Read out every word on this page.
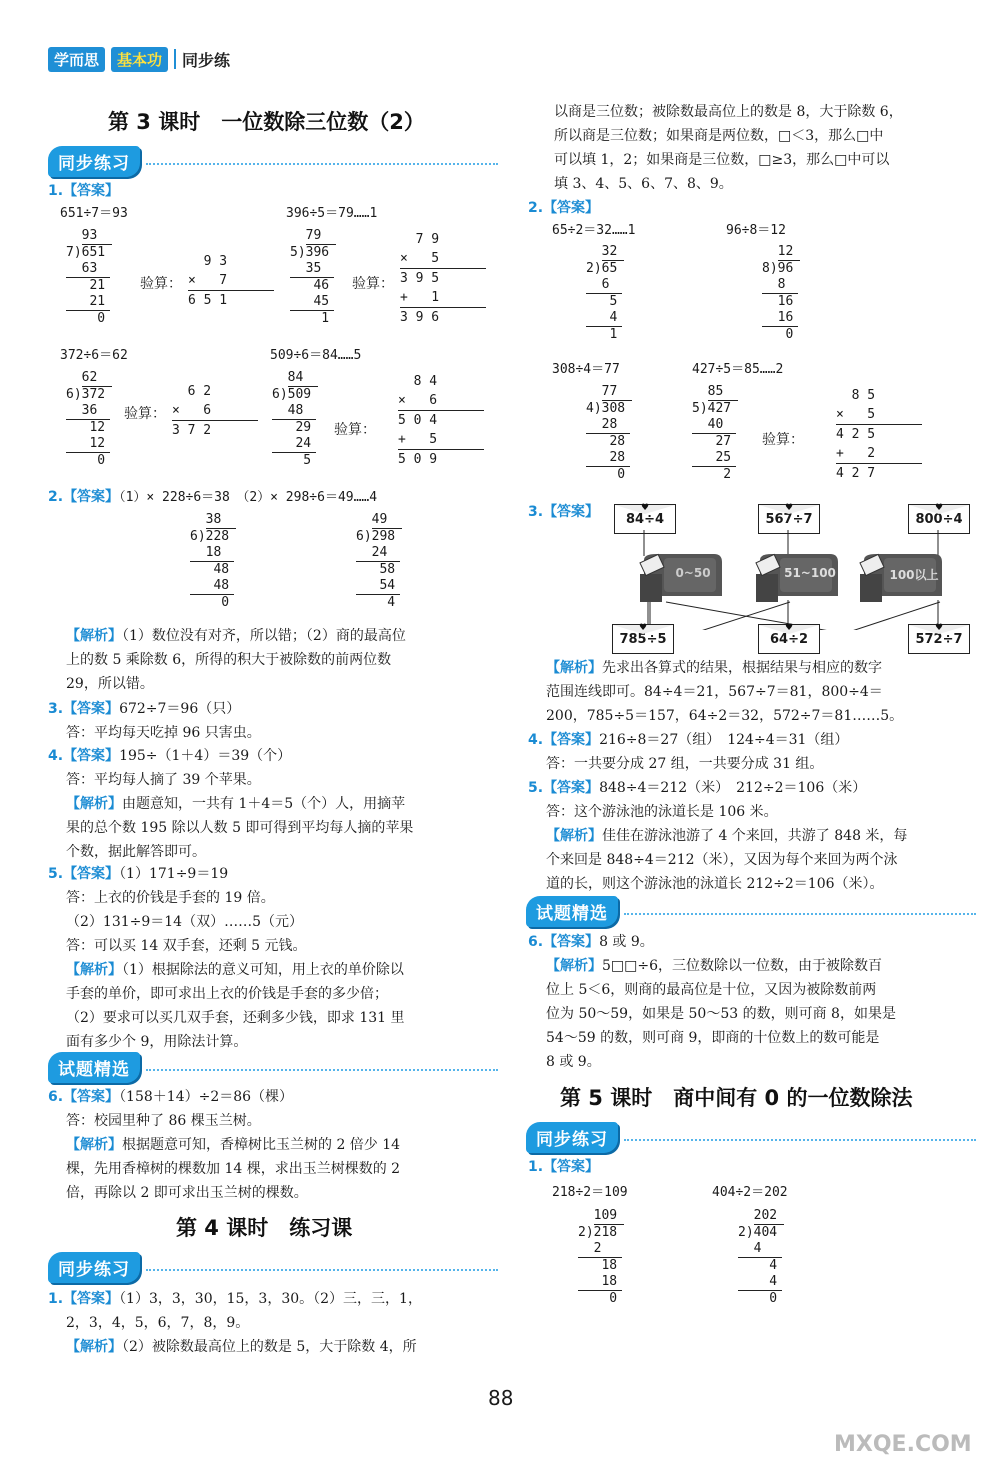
学而思	基本功	同步练
第 3 课时　一位数除三位数（2）
同步练习
1.【答案】
651÷7＝93	396÷5＝79……1
93
7)651
63
21
21
0
验算：
9 3
×   7
6 5 1
79
5)396
35
46
45
1
验算：
7 9
×   5
3 9 5
+   1
3 9 6
372÷6＝62	509÷6＝84……5
62
6)372
36
12
12
0
验算：
6 2
×   6
3 7 2
84
6)509
48
29
24
5
验算：
8 4
×   6
5 0 4
+   5
5 0 9
2.【答案】（1）× 228÷6＝38　（2）× 298÷6＝49……4
38
6)228
18
48
48
0
49
6)298
24
58
54
4
【解析】（1）数位没有对齐，所以错；（2）商的最高位
上的数 5 乘除数 6，所得的积大于被除数的前两位数
29，所以错。
3.【答案】672÷7＝96（只）
答：平均每天吃掉 96 只害虫。
4.【答案】195÷（1＋4）＝39（个）
答：平均每人摘了 39 个苹果。
【解析】由题意知，一共有 1＋4＝5（个）人，用摘苹
果的总个数 195 除以人数 5 即可得到平均每人摘的苹果
个数，据此解答即可。
5.【答案】（1）171÷9＝19
答：上衣的价钱是手套的 19 倍。
（2）131÷9＝14（双）……5（元）
答：可以买 14 双手套，还剩 5 元钱。
【解析】（1）根据除法的意义可知，用上衣的单价除以
手套的单价，即可求出上衣的价钱是手套的多少倍；
（2）要求可以买几双手套，还剩多少钱，即求 131 里
面有多少个 9，用除法计算。
试题精选
6.【答案】（158＋14）÷2＝86（棵）
答：校园里种了 86 棵玉兰树。
【解析】根据题意可知，香樟树比玉兰树的 2 倍少 14
棵，先用香樟树的棵数加 14 棵，求出玉兰树棵数的 2
倍，再除以 2 即可求出玉兰树的棵数。
第 4 课时　练习课
同步练习
1.【答案】（1）3，3，30，15，3，30。（2）三，三，1，
2，3，4，5，6，7，8，9。
【解析】（2）被除数最高位上的数是 5，大于除数 4，所
以商是三位数；被除数最高位上的数是 8，大于除数 6，
所以商是三位数；如果商是两位数，□＜3，那么□中
可以填 1，2；如果商是三位数，□≥3，那么□中可以
填 3、4、5、6、7、8、9。
2.【答案】
65÷2＝32……1	96÷8＝12
32
2)65
6
5
4
1
12
8)96
8
16
16
0
308÷4＝77	427÷5＝85……2
77
4)308
28
28
28
0
85
5)427
40
27
25
2
验算：
8 5
×   5
4 2 5
+   2
4 2 7
3.【答案】	♥
84÷4
♥
567÷7
♥
800÷4
0~50	51~100	100以上
♥
785÷5
♥
64÷2
♥
572÷7
【解析】先求出各算式的结果，根据结果与相应的数字
范围连线即可。84÷4＝21，567÷7＝81，800÷4＝
200，785÷5＝157，64÷2＝32，572÷7＝81……5。
4.【答案】216÷8＝27（组）　124÷4＝31（组）
答：一共要分成 27 组，一共要分成 31 组。
5.【答案】848÷4＝212（米）　212÷2＝106（米）
答：这个游泳池的泳道长是 106 米。
【解析】佳佳在游泳池游了 4 个来回，共游了 848 米，每
个来回是 848÷4＝212（米），又因为每个来回为两个泳
道的长，则这个游泳池的泳道长 212÷2＝106（米）。
试题精选
6.【答案】8 或 9。
【解析】5□□÷6，三位数除以一位数，由于被除数百
位上 5＜6，则商的最高位是十位，又因为被除数前两
位为 50～59，如果是 50～53 的数，则可商 8，如果是
54～59 的数，则可商 9，即商的十位数上的数可能是
8 或 9。
第 5 课时　商中间有 0 的一位数除法
同步练习
1.【答案】
218÷2＝109	404÷2＝202
109
2)218
2
18
18
0
202
2)404
4
4
4
0
88
MXQE.COM
